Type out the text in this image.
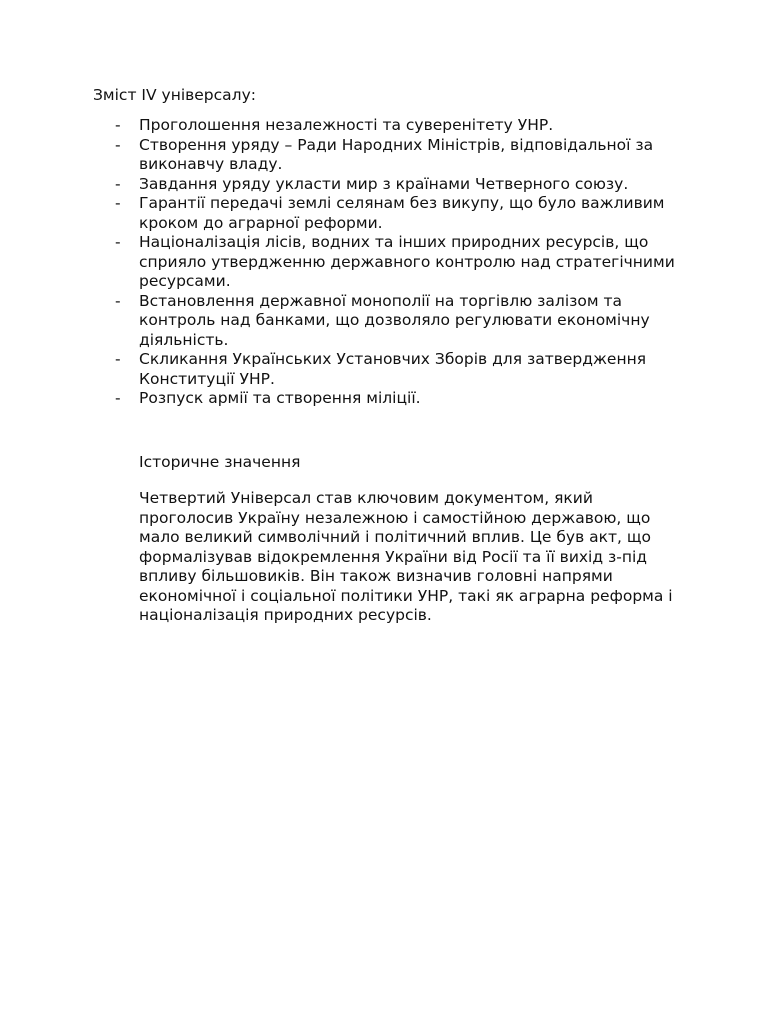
Зміст IV універсалу:
- Проголошення незалежності та суверенітету УНР.
- Створення уряду – Ради Народних Міністрів, відповідальної за виконавчу владу.
- Завдання уряду укласти мир з країнами Четверного союзу.
- Гарантії передачі землі селянам без викупу, що було важливим кроком до аграрної реформи.
- Націоналізація лісів, водних та інших природних ресурсів, що сприяло утвердженню державного контролю над стратегічними ресурсами.
- Встановлення державної монополії на торгівлю залізом та контроль над банками, що дозволяло регулювати економічну діяльність.
- Скликання Українських Установчих Зборів для затвердження Конституції УНР.
- Розпуск армії та створення міліції.
Історичне значення

Четвертий Універсал став ключовим документом, який проголосив Україну незалежною і самостійною державою, що мало великий символічний і політичний вплив. Це був акт, що формалізував відокремлення України від Росії та її вихід з-під впливу більшовиків. Він також визначив головні напрями економічної і соціальної політики УНР, такі як аграрна реформа і націоналізація природних ресурсів.
